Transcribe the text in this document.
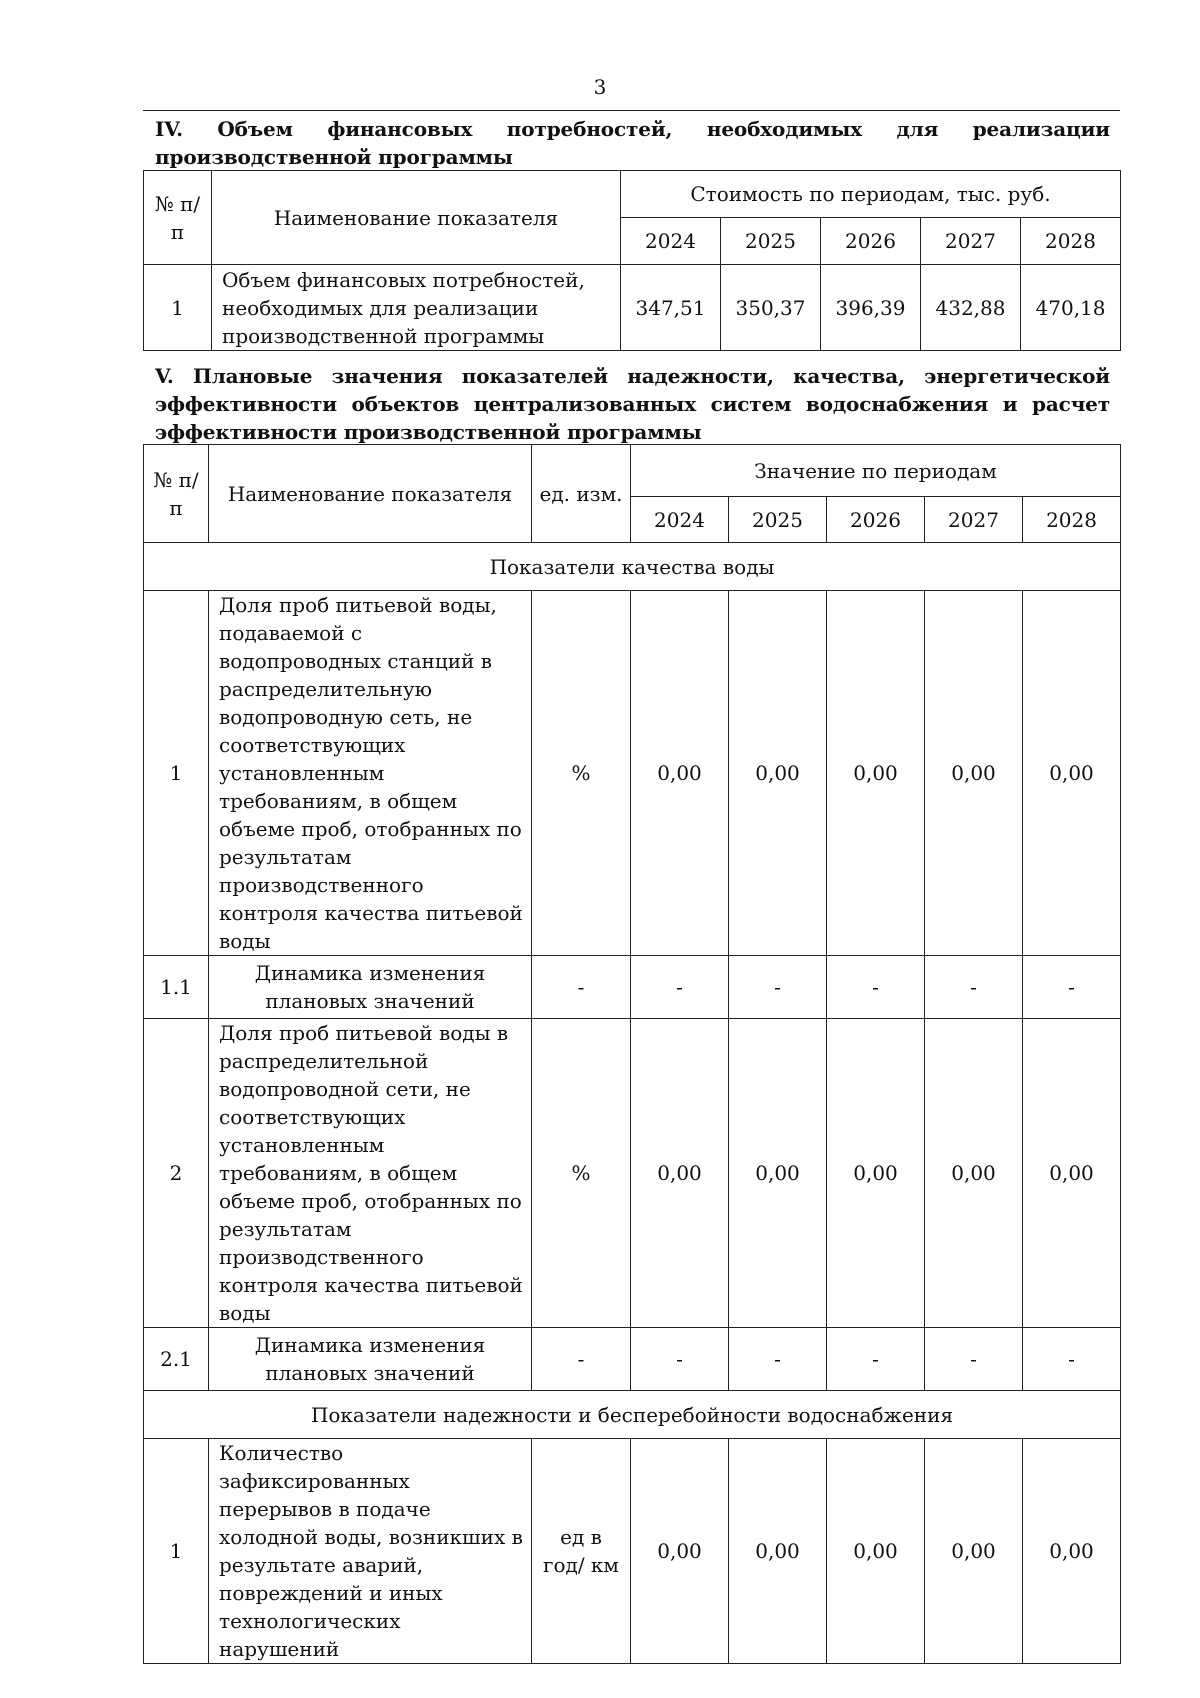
3
IV. Объем финансовых потребностей, необходимых для реализации производственной программы
№ п/п	Наименование показателя	Стоимость по периодам, тыс. руб.				
		2024	2025	2026	2027	2028
1	Объем финансовых потребностей, необходимых для реализации производственной программы	347,51	350,37	396,39	432,88	470,18
V. Плановые значения показателей надежности, качества, энергетической эффективности объектов централизованных систем водоснабжения и расчет эффективности производственной программы
№ п/п	Наименование показателя	ед. изм.	Значение по периодам				
			2024	2025	2026	2027	2028
Показатели качества воды							
1	Доля проб питьевой воды, подаваемой с водопроводных станций в распределительную водопроводную сеть, не соответствующих установленным требованиям, в общем объеме проб, отобранных по результатам производственного контроля качества питьевой воды	%	0,00	0,00	0,00	0,00	0,00
1.1	Динамика изменения плановых значений	-	-	-	-	-	-
2	Доля проб питьевой воды в распределительной водопроводной сети, не соответствующих установленным требованиям, в общем объеме проб, отобранных по результатам производственного контроля качества питьевой воды	%	0,00	0,00	0,00	0,00	0,00
2.1	Динамика изменения плановых значений	-	-	-	-	-	-
Показатели надежности и бесперебойности водоснабжения							
1	Количество зафиксированных перерывов в подаче холодной воды, возникших в результате аварий, повреждений и иных технологических нарушений	ед в год/ км	0,00	0,00	0,00	0,00	0,00
